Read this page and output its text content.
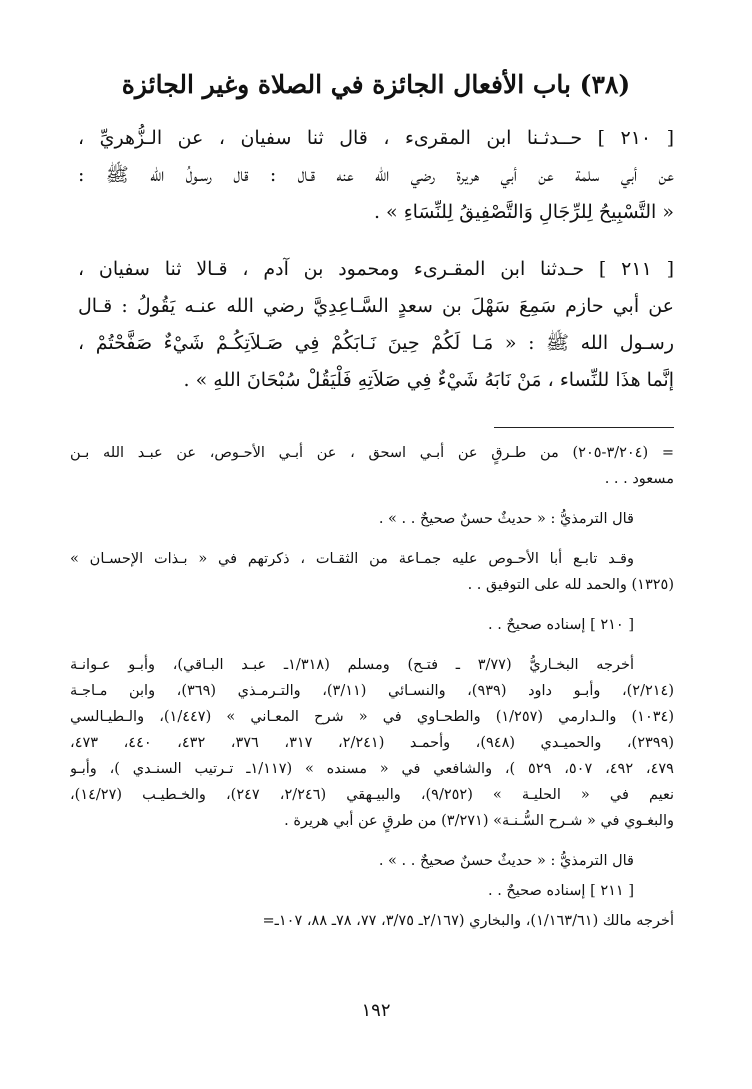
(٣٨) باب الأفعال الجائزة في الصلاة وغير الجائزة

[ ٢١٠ ] حــدثـنا ابن المقرىء ، قال ثنا سفيان ، عن الـزُّهريِّ ،
عن أبي سلمة عن أبي هريرة رضي الله عنه قـال : قال رسـولُ الله ﷺ :
« التَّسْبِيحُ لِلرِّجَالِ وَالتَّصْفِيقُ لِلنِّسَاءِ » .

[ ٢١١ ] حـدثنا ابن المقـرىء ومحمود بن آدم ، قـالا ثنا سفيان ،
عن أبي حازم سَمِعَ سَهْلَ بن سعدٍ السَّـاعِدِيَّ رضي الله عنـه يَقُولُ : قـال
رسـول الله ﷺ : « مَـا لَكُمْ حِينَ نَـابَكُمْ فِي صَـلاَتِكُـمْ شَيْءٌ صَفَّحْتُمْ ،
إنَّما هذَا للنِّساء ، مَنْ نَابَهُ شَيْءٌ فِي صَلاَتِهِ فَلْيَقُلْ سُبْحَانَ اللهِ » .

= (٣/٢٠٤-٢٠٥) من طـرقٍ عن أبـي اسحق ، عن أبـي الأحـوص، عن عبـد الله بـن
مسعود . . .

قال الترمذيُّ : « حديثٌ حسنٌ صحيحٌ . . » .

وقـد تابـع أبا الأحـوص عليه جمـاعة من الثقـات ، ذكرتهم في « بـذات الإحسـان »
(١٣٢٥) والحمد لله على التوفيق . .

[ ٢١٠ ] إسناده صحيحٌ . .

أخرجه البخـاريُّ (٣/٧٧ ـ فتـح) ومسلم (١/٣١٨ـ عبـد البـاقي)، وأبـو عـوانـة
(٢/٢١٤)، وأبـو داود (٩٣٩)، والنسـائي (٣/١١)، والتـرمـذي (٣٦٩)، وابن مـاجـة
(١٠٣٤) والـدارمي (١/٢٥٧) والطحـاوي في « شرح المعـاني » (١/٤٤٧)، والـطيـالسي
(٢٣٩٩)، والحميـدي (٩٤٨)، وأحمـد (٢/٢٤١، ٣١٧، ٣٧٦، ٤٣٢، ٤٤٠، ٤٧٣،
٤٧٩، ٤٩٢، ٥٠٧، ٥٢٩ )، والشافعي في « مسنده » (١/١١٧ـ تـرتيب السنـدي )، وأبـو
نعيم في « الحليـة » (٩/٢٥٢)، والبيـهقي (٢/٢٤٦، ٢٤٧)، والخـطيـب (١٤/٢٧)،
والبغـوي في « شـرح السُّـنـة» (٣/٢٧١) من طرقٍ عن أبي هريرة .

قال الترمذيُّ : « حديثٌ حسنٌ صحيحٌ . . » .

[ ٢١١ ] إسناده صحيحٌ . .

أخرجه مالك (١/١٦٣/٦١)، والبخاري (٢/١٦٧ـ ٣/٧٥، ٧٧، ٧٨ـ ٨٨، ١٠٧ـ=

١٩٢
